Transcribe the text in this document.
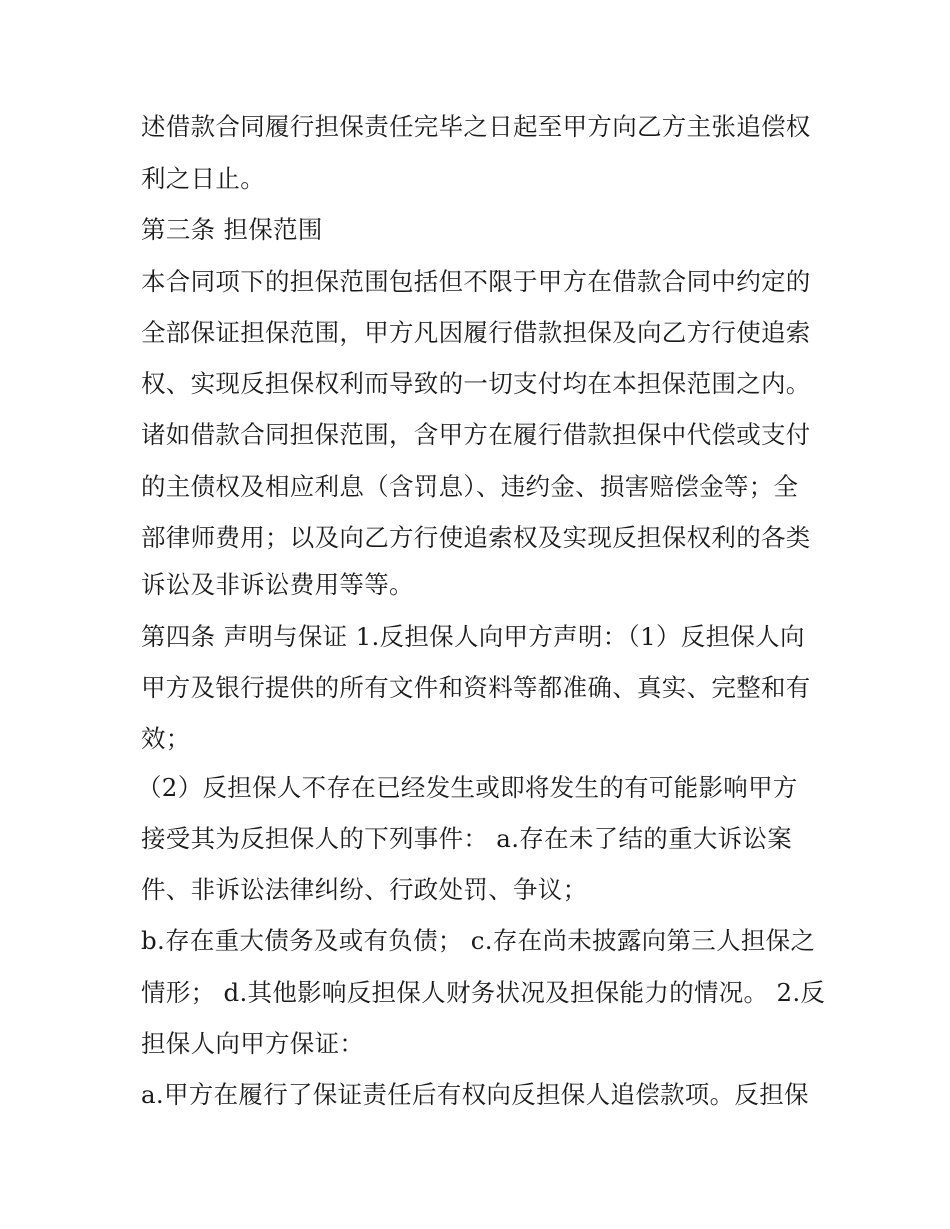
述借款合同履行担保责任完毕之日起至甲方向乙方主张追偿权
利之日止。
第三条 担保范围
本合同项下的担保范围包括但不限于甲方在借款合同中约定的
全部保证担保范围，甲方凡因履行借款担保及向乙方行使追索
权、实现反担保权利而导致的一切支付均在本担保范围之内。
诸如借款合同担保范围，含甲方在履行借款担保中代偿或支付
的主债权及相应利息（含罚息）、违约金、损害赔偿金等；全
部律师费用；以及向乙方行使追索权及实现反担保权利的各类
诉讼及非诉讼费用等等。
第四条 声明与保证 1.反担保人向甲方声明：（1）反担保人向
甲方及银行提供的所有文件和资料等都准确、真实、完整和有
效；
（2）反担保人不存在已经发生或即将发生的有可能影响甲方
接受其为反担保人的下列事件： a.存在未了结的重大诉讼案
件、非诉讼法律纠纷、行政处罚、争议；
b.存在重大债务及或有负债； c.存在尚未披露向第三人担保之
情形； d.其他影响反担保人财务状况及担保能力的情况。 2.反
担保人向甲方保证：
a.甲方在履行了保证责任后有权向反担保人追偿款项。反担保
